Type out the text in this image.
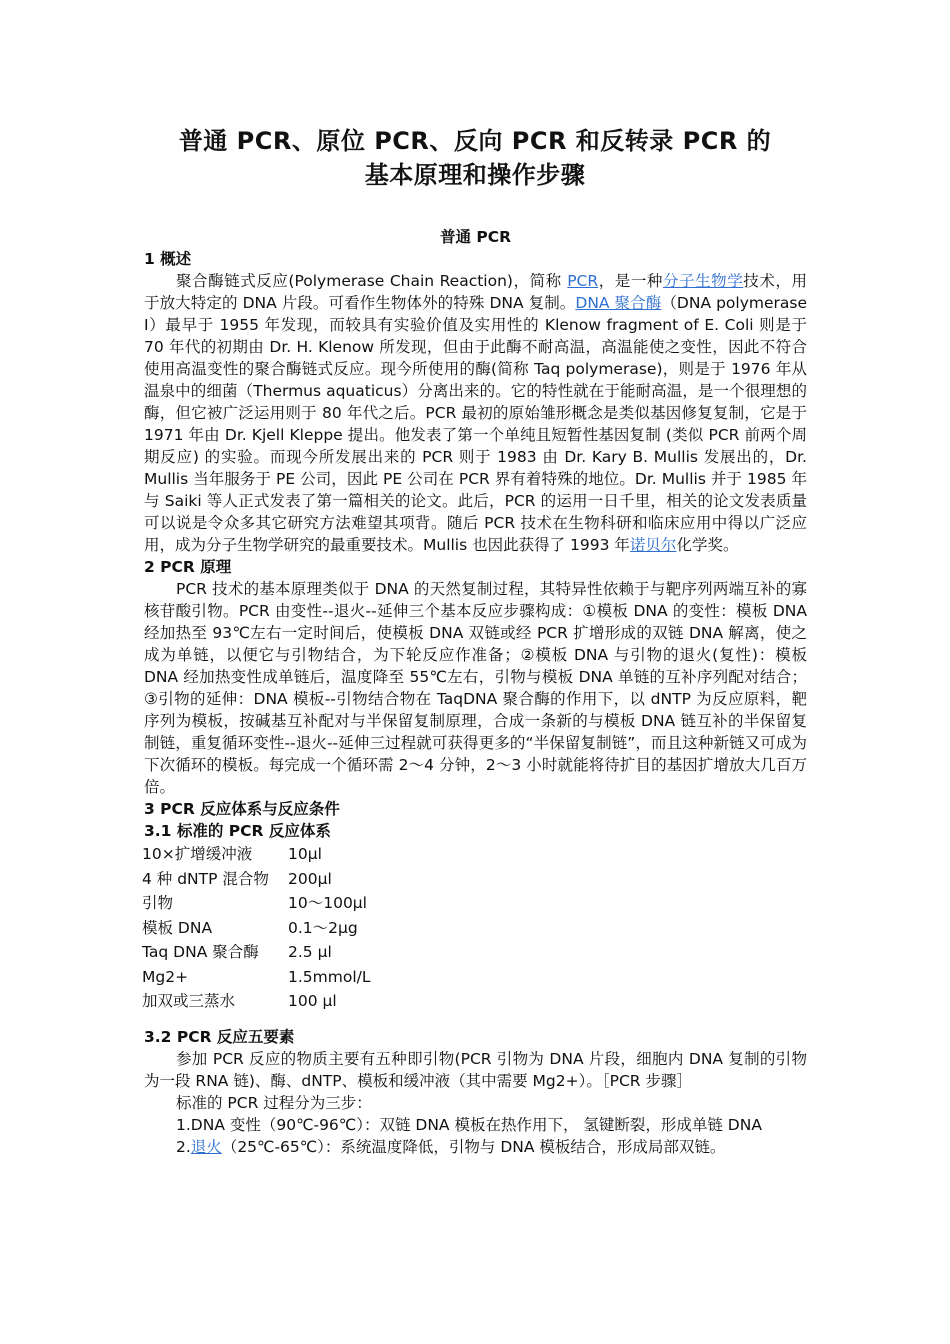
普通 PCR、原位 PCR、反向 PCR 和反转录 PCR 的
基本原理和操作步骤
普通 PCR
1 概述
聚合酶链式反应(Polymerase Chain Reaction)，简称 PCR，是一种分子生物学技术，用于放大特定的 DNA 片段。可看作生物体外的特殊 DNA 复制。DNA 聚合酶（DNA polymerase I）最早于 1955 年发现，而较具有实验价值及实用性的 Klenow fragment of E. Coli 则是于 70 年代的初期由 Dr. H. Klenow 所发现，但由于此酶不耐高温，高温能使之变性，因此不符合使用高温变性的聚合酶链式反应。现今所使用的酶(简称 Taq polymerase)，则是于 1976 年从温泉中的细菌（Thermus aquaticus）分离出来的。它的特性就在于能耐高温，是一个很理想的酶，但它被广泛运用则于 80 年代之后。PCR 最初的原始雏形概念是类似基因修复复制，它是于 1971 年由 Dr. Kjell Kleppe 提出。他发表了第一个单纯且短暂性基因复制 (类似 PCR 前两个周期反应) 的实验。而现今所发展出来的 PCR 则于 1983 由 Dr. Kary B. Mullis 发展出的，Dr. Mullis 当年服务于 PE 公司，因此 PE 公司在 PCR 界有着特殊的地位。Dr. Mullis 并于 1985 年与 Saiki 等人正式发表了第一篇相关的论文。此后，PCR 的运用一日千里，相关的论文发表质量可以说是令众多其它研究方法难望其项背。随后 PCR 技术在生物科研和临床应用中得以广泛应用，成为分子生物学研究的最重要技术。Mullis 也因此获得了 1993 年诺贝尔化学奖。
2 PCR 原理
PCR 技术的基本原理类似于 DNA 的天然复制过程，其特异性依赖于与靶序列两端互补的寡核苷酸引物。PCR 由变性--退火--延伸三个基本反应步骤构成：①模板 DNA 的变性：模板 DNA 经加热至 93℃左右一定时间后，使模板 DNA 双链或经 PCR 扩增形成的双链 DNA 解离，使之成为单链，以便它与引物结合，为下轮反应作准备；②模板 DNA 与引物的退火(复性)：模板 DNA 经加热变性成单链后，温度降至 55℃左右，引物与模板 DNA 单链的互补序列配对结合；③引物的延伸：DNA 模板--引物结合物在 TaqDNA 聚合酶的作用下，以 dNTP 为反应原料，靶序列为模板，按碱基互补配对与半保留复制原理，合成一条新的与模板 DNA 链互补的半保留复制链，重复循环变性--退火--延伸三过程就可获得更多的“半保留复制链”，而且这种新链又可成为下次循环的模板。每完成一个循环需 2～4 分钟，2～3 小时就能将待扩目的基因扩增放大几百万倍。
3 PCR 反应体系与反应条件
3.1 标准的 PCR 反应体系
10×扩增缓冲液	10μl
4 种 dNTP 混合物	200μl
引物	10～100μl
模板 DNA	0.1～2μg
Taq DNA 聚合酶	2.5 μl
Mg2+	1.5mmol/L
加双或三蒸水	100 μl
3.2 PCR 反应五要素
参加 PCR 反应的物质主要有五种即引物(PCR 引物为 DNA 片段，细胞内 DNA 复制的引物为一段 RNA 链)、酶、dNTP、模板和缓冲液（其中需要 Mg2+）。［PCR 步骤］
标准的 PCR 过程分为三步：
1.DNA 变性（90℃-96℃）：双链 DNA 模板在热作用下， 氢键断裂，形成单链 DNA
2.退火（25℃-65℃）：系统温度降低，引物与 DNA 模板结合，形成局部双链。
